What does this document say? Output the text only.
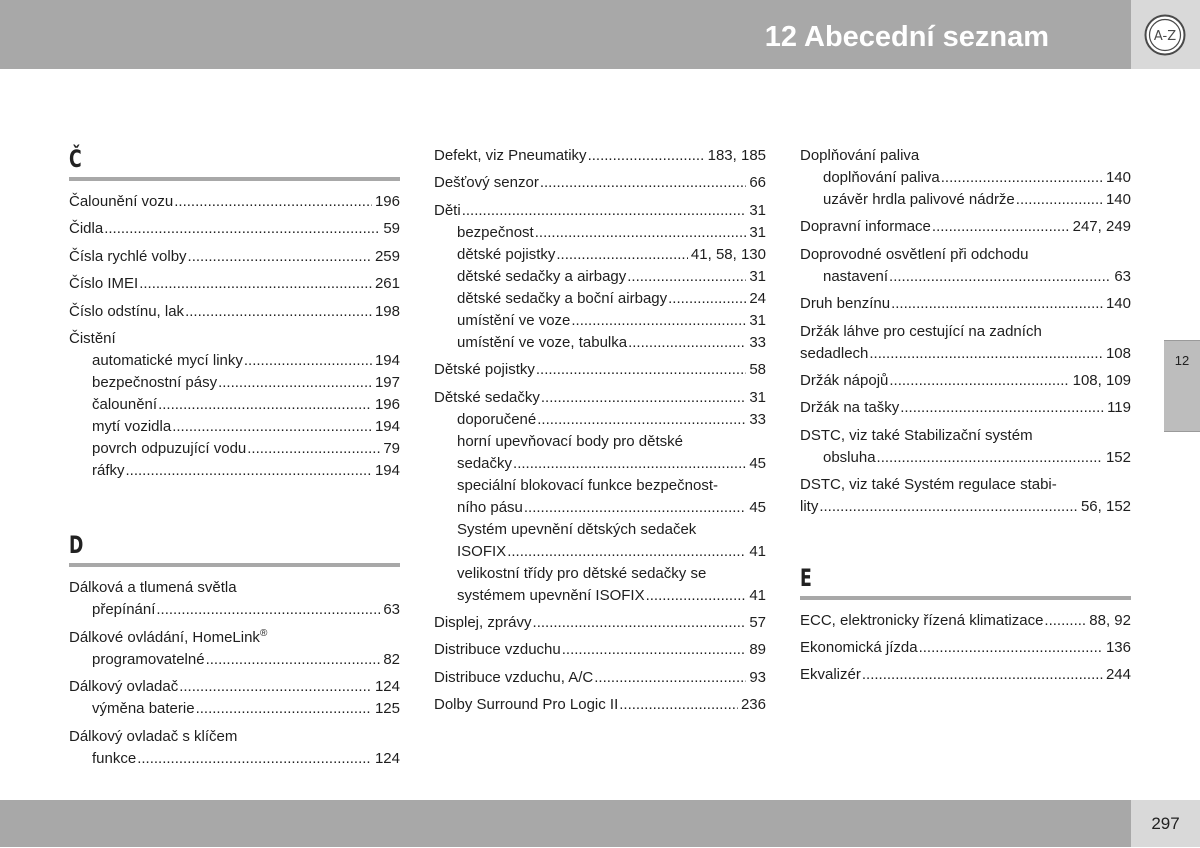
12 Abecední seznam	A-Z
12
Č
Čalounění vozu .....	196
Čidla .....	59
Čísla rychlé volby .....	259
Číslo IMEI .....	261
Číslo odstínu, lak .....	198
Čistění
automatické mycí linky .....	194
bezpečnostní pásy .....	197
čalounění .....	196
mytí vozidla .....	194
povrch odpuzující vodu .....	79
ráfky .....	194
D
Dálková a tlumená světla
přepínání .....	63
Dálkové ovládání, HomeLink®
programovatelné .....	82
Dálkový ovladač .....	124
výměna baterie .....	125
Dálkový ovladač s klíčem
funkce .....	124
Defekt, viz Pneumatiky .....	183, 185
Dešťový senzor .....	66
Děti .....	31
bezpečnost .....	31
dětské pojistky .....	41, 58, 130
dětské sedačky a airbagy .....	31
dětské sedačky a boční airbagy .....	24
umístění ve voze .....	31
umístění ve voze, tabulka .....	33
Dětské pojistky .....	58
Dětské sedačky .....	31
doporučené .....	33
horní upevňovací body pro dětské
sedačky .....	45
speciální blokovací funkce bezpečnost-
ního pásu .....	45
Systém upevnění dětských sedaček
ISOFIX .....	41
velikostní třídy pro dětské sedačky se
systémem upevnění ISOFIX .....	41
Displej, zprávy .....	57
Distribuce vzduchu .....	89
Distribuce vzduchu, A/C .....	93
Dolby Surround Pro Logic II .....	236
Doplňování paliva
doplňování paliva .....	140
uzávěr hrdla palivové nádrže .....	140
Dopravní informace .....	247, 249
Doprovodné osvětlení při odchodu
nastavení .....	63
Druh benzínu .....	140
Držák láhve pro cestující na zadních
sedadlech .....	108
Držák nápojů .....	108, 109
Držák na tašky .....	119
DSTC, viz také Stabilizační systém
obsluha .....	152
DSTC, viz také Systém regulace stabi-
lity .....	56, 152
E
ECC, elektronicky řízená klimatizace .....	88, 92
Ekonomická jízda .....	136
Ekvalizér .....	244
297
